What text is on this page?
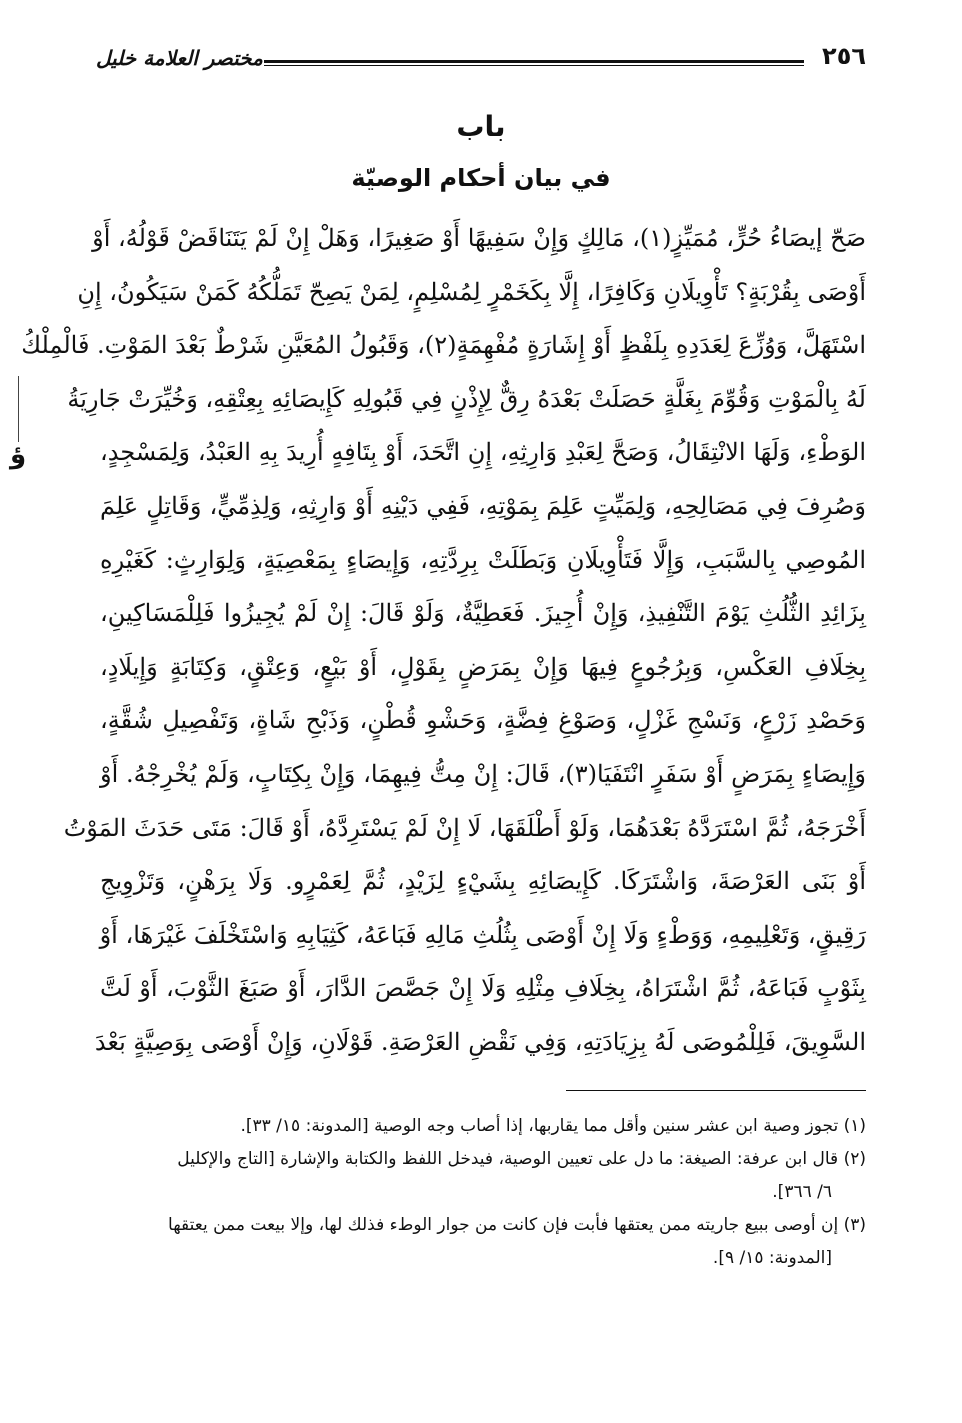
٢٥٦
مختصر العلامة خليل
باب
في بيان أحكام الوصيّة
صَحّ إيصَاءُ حُرٍّ، مُمَيِّزٍ(١)، مَالِكٍ وَإِنْ سَفِيهًا أَوْ صَغِيرًا، وَهَلْ إِنْ لَمْ يَتَنَاقَضْ قَوْلُهُ، أَوْ
أَوْصَى بِقُرْبَةٍ؟ تَأْوِيلَانِ وَكَافِرًا، إِلَّا بِكَخَمْرٍ لِمُسْلِمٍ، لِمَنْ يَصِحّ تَمَلُّكُهُ كَمَنْ سَيَكُونُ، إِنِ
اسْتَهَلَّ، وَوُزِّعَ لِعَدَدِهِ بِلَفْظٍ أَوْ إِشَارَةٍ مُفْهِمَةٍ(٢)، وَقَبُولُ المُعَيَّنِ شَرْطٌ بَعْدَ المَوْتِ. فَالْمِلْكُ
لَهُ بِالْمَوْتِ وَقُوِّمَ بِغَلَّةٍ حَصَلَتْ بَعْدَهُ رِقٌّ لِإِذْنٍ فِي قَبُولِهِ كَإِيصَائِهِ بِعِتْقِهِ، وَخُيِّرَتْ جَارِيَةُ
الوَطْءِ، وَلَهَا الانْتِقَالُ، وَصَحَّ لِعَبْدِ وَارِثِهِ، إِنِ اتَّحَدَ، أَوْ بِتَافِهٍ أُرِيدَ بِهِ العَبْدُ، وَلِمَسْجِدٍ،
وَصُرِفَ فِي مَصَالِحِهِ، وَلِمَيِّتٍ عَلِمَ بِمَوْتِهِ، فَفِي دَيْنِهِ أَوْ وَارِثِهِ، وَلِذِمِّيٍّ، وَقَاتِلٍ عَلِمَ
المُوصِي بِالسَّبَبِ، وَإِلَّا فَتَأْوِيلَانِ وَبَطَلَتْ بِرِدَّتِهِ، وَإِيصَاءٍ بِمَعْصِيَةٍ، وَلِوَارِثٍ: كَغَيْرِهِ
بِزَائِدِ الثُّلُثِ يَوْمَ التَّنْفِيذِ، وَإِنْ أُجِيزَ. فَعَطِيَّةٌ، وَلَوْ قَالَ: إِنْ لَمْ يُجِيزُوا فَلِلْمَسَاكِينِ،
بِخِلَافِ العَكْسِ، وَبِرُجُوعٍ فِيهَا وَإِنْ بِمَرَضٍ بِقَوْلٍ، أَوْ بَيْعٍ، وَعِتْقٍ، وَكِتَابَةٍ وَإِيلَادٍ،
وَحَصْدِ زَرْعٍ، وَنَسْجِ غَزْلٍ، وَصَوْغِ فِضَّةٍ، وَحَشْوِ قُطْنٍ، وَذَبْحِ شَاةٍ، وَتَفْصِيلِ شُقَّةٍ،
وَإِيصَاءٍ بِمَرَضٍ أَوْ سَفَرٍ انْتَفَيَا(٣)، قَالَ: إِنْ مِتُّ فِيهِمَا، وَإِنْ بِكِتَابٍ، وَلَمْ يُخْرِجْهُ. أَوْ
أَخْرَجَهُ، ثُمَّ اسْتَرَدَّهُ بَعْدَهُمَا، وَلَوْ أَطْلَقَهَا، لَا إِنْ لَمْ يَسْتَرِدَّهُ، أَوْ قَالَ: مَتَى حَدَثَ المَوْتُ
أَوْ بَنَى العَرْصَةَ، وَاشْتَرَكَا. كَإِيصَائِهِ بِشَيْءٍ لِزَيْدٍ، ثُمَّ لِعَمْرٍو. وَلَا بِرَهْنٍ، وَتَزْوِيجِ
رَقِيقٍ، وَتَعْلِيمِهِ، وَوَطْءٍ وَلَا إِنْ أَوْصَى بِثُلُثِ مَالِهِ فَبَاعَهُ، كَثِيَابِهِ وَاسْتَخْلَفَ غَيْرَهَا، أَوْ
بِثَوْبٍ فَبَاعَهُ، ثُمَّ اشْتَرَاهُ، بِخِلَافِ مِثْلِهِ وَلَا إِنْ جَصَّصَ الدَّارَ، أَوْ صَبَغَ الثَّوْبَ، أَوْ لَتَّ
السَّوِيقَ، فَلِلْمُوصَى لَهُ بِزِيَادَتِهِ، وَفِي نَقْضِ العَرْصَةِ. قَوْلَانِ، وَإِنْ أَوْصَى بِوَصِيَّةٍ بَعْدَ
(١) تجوز وصية ابن عشر سنين وأقل مما يقاربها، إذا أصاب وجه الوصية [المدونة: ١٥/ ٣٣].
(٢) قال ابن عرفة: الصيغة: ما دل على تعيين الوصية، فيدخل اللفظ والكتابة والإشارة [التاج والإكليل
٦/ ٣٦٦].
(٣) إن أوصى ببيع جاريته ممن يعتقها فأبت فإن كانت من جوار الوطء فذلك لها، وإلا بيعت ممن يعتقها
[المدونة: ١٥/ ٩].
ؤ
